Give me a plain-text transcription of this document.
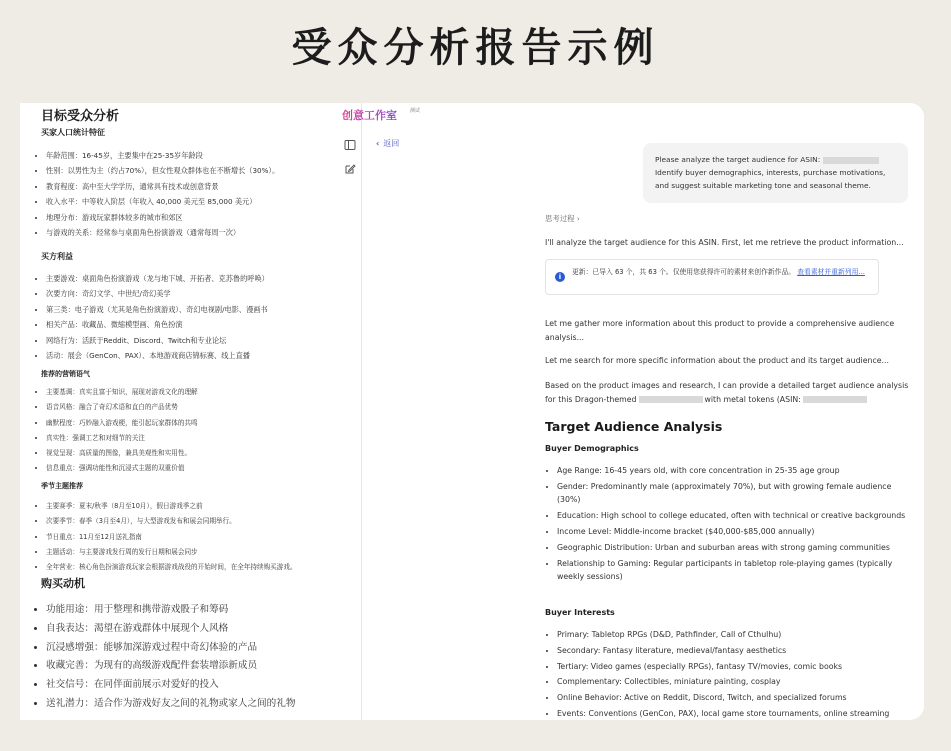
受众分析报告示例
目标受众分析
买家人口统计特征
• 年龄范围：16-45岁，主要集中在25-35岁年龄段
• 性别：以男性为主（约占70%），但女性观众群体也在不断增长（30%）。
• 教育程度：高中至大学学历，通常具有技术或创意背景
• 收入水平：中等收入阶层（年收入 40,000 美元至 85,000 美元）
• 地理分布：游戏玩家群体较多的城市和郊区
• 与游戏的关系：经常参与桌面角色扮演游戏（通常每周一次）
买方利益
• 主要游戏：桌面角色扮演游戏（龙与地下城、开拓者、克苏鲁的呼唤）
• 次要方向：奇幻文学、中世纪/奇幻美学
• 第三类：电子游戏（尤其是角色扮演游戏）、奇幻电视剧/电影、漫画书
• 相关产品：收藏品、微缩模型画、角色扮演
• 网络行为：活跃于Reddit、Discord、Twitch和专业论坛
• 活动：展会（GenCon、PAX）、本地游戏商店锦标赛、线上直播
推荐的营销语气
• 主要基调：真实且富于知识，展现对游戏文化的理解
• 语音风格：融合了奇幻术语和直白的产品优势
• 幽默程度：巧妙融入游戏梗，能引起玩家群体的共鸣
• 真实性：强调工艺和对细节的关注
• 视觉呈现：高质量的图像，兼具美观性和实用性。
• 信息重点：强调功能性和沉浸式主题的双重价值
季节主题推荐
• 主要赛季：夏末/秋季（8月至10月），假日游戏季之前
• 次要季节：春季（3月至4月），与大型游戏发布和展会同期举行。
• 节日重点：11月至12月送礼指南
• 主题活动：与主要游戏发行周的发行日期和展会同步
• 全年营业：核心角色扮演游戏玩家会根据游戏战役的开始时间，在全年持续购买游戏。
购买动机
• 功能用途：用于整理和携带游戏骰子和筹码
• 自我表达：渴望在游戏群体中展现个人风格
• 沉浸感增强：能够加深游戏过程中奇幻体验的产品
• 收藏完善：为现有的高级游戏配件套装增添新成员
• 社交信号：在同伴面前展示对爱好的投入
• 送礼潜力：适合作为游戏好友之间的礼物或家人之间的礼物
创意工作室	测试
‹ 返回
Please analyze the target audience for ASIN:
Identify buyer demographics, interests, purchase motivations,
and suggest suitable marketing tone and seasonal theme.
思考过程 ›
I'll analyze the target audience for this ASIN. First, let me retrieve the product information...
i
更新：已导入 63 个，共 63 个。仅使用您获得许可的素材来创作新作品。 查看素材并重新列用...
Let me gather more information about this product to provide a comprehensive audience analysis...
Let me search for more specific information about the product and its target audience...
Based on the product images and research, I can provide a detailed target audience analysis for this Dragon-themed	with metal tokens (ASIN:
Target Audience Analysis
Buyer Demographics
• Age Range: 16-45 years old, with core concentration in 25-35 age group
• Gender: Predominantly male (approximately 70%), but with growing female audience (30%)
• Education: High school to college educated, often with technical or creative backgrounds
• Income Level: Middle-income bracket ($40,000-$85,000 annually)
• Geographic Distribution: Urban and suburban areas with strong gaming communities
• Relationship to Gaming: Regular participants in tabletop role-playing games (typically weekly sessions)
Buyer Interests
• Primary: Tabletop RPGs (D&D, Pathfinder, Call of Cthulhu)
• Secondary: Fantasy literature, medieval/fantasy aesthetics
• Tertiary: Video games (especially RPGs), fantasy TV/movies, comic books
• Complementary: Collectibles, miniature painting, cosplay
• Online Behavior: Active on Reddit, Discord, Twitch, and specialized forums
• Events: Conventions (GenCon, PAX), local game store tournaments, online streaming
